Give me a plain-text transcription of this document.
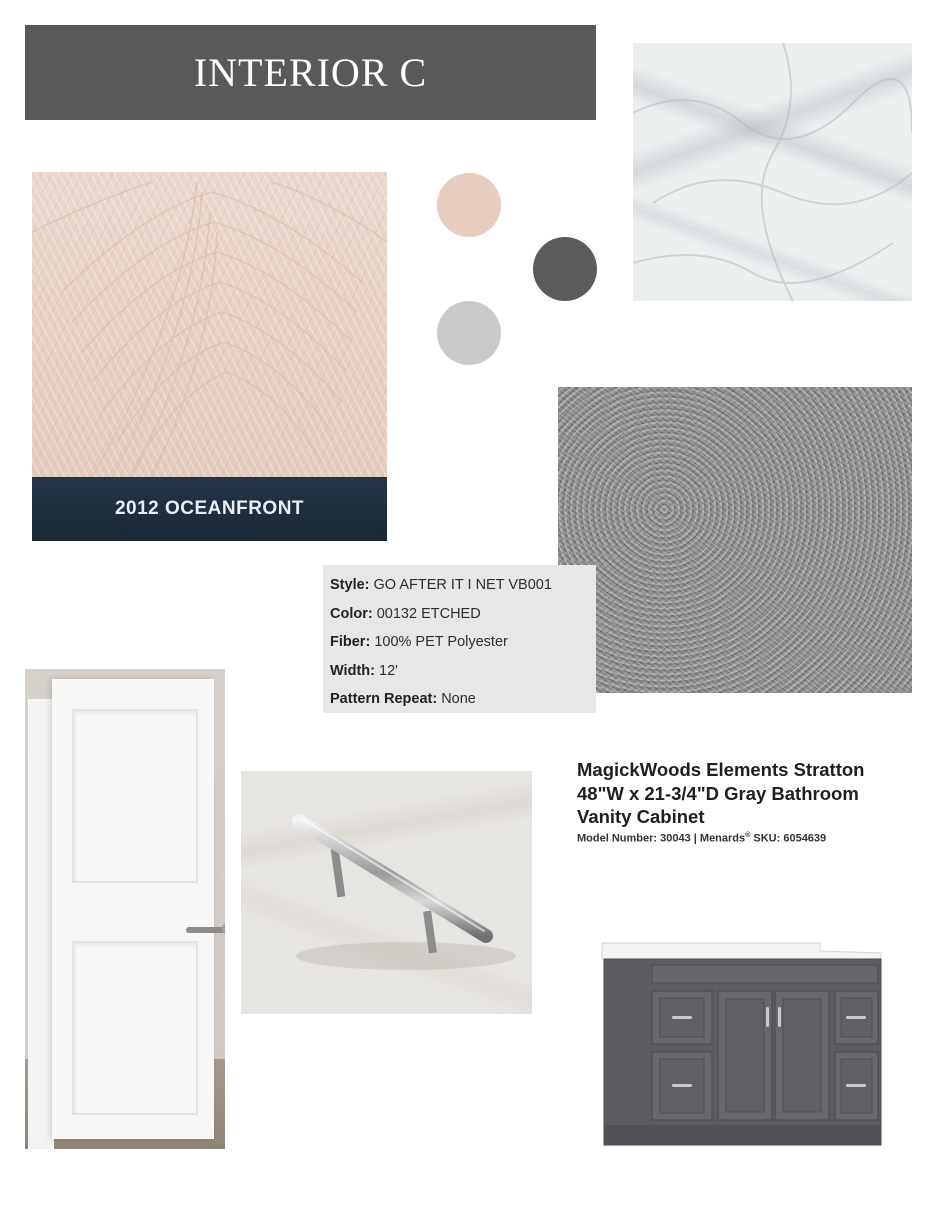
INTERIOR C
2012 OCEANFRONT
Style: GO AFTER IT I NET VB001
Color: 00132 ETCHED
Fiber: 100% PET Polyester
Width: 12'
Pattern Repeat: None
MagickWoods Elements Stratton 48"W x 21-3/4"D Gray Bathroom Vanity Cabinet
Model Number: 30043 | Menards® SKU: 6054639
